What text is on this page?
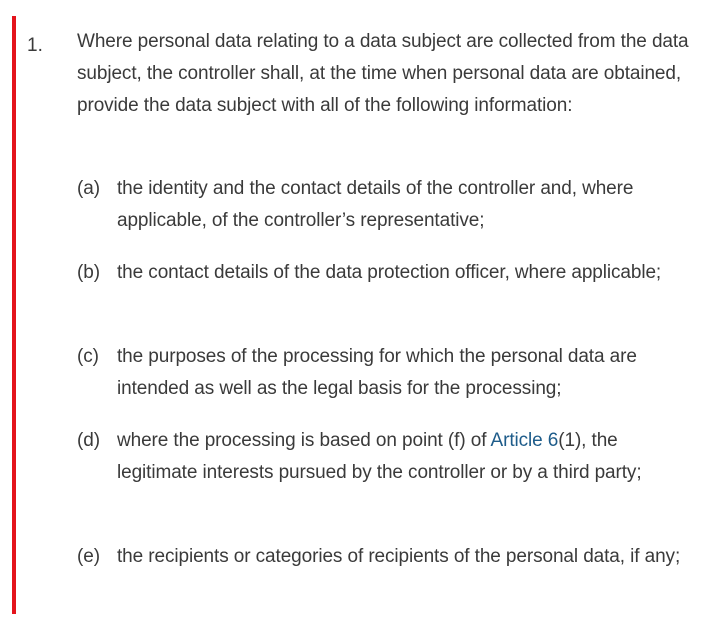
1. Where personal data relating to a data subject are collected from the data subject, the controller shall, at the time when personal data are obtained, provide the data subject with all of the following information:
(a) the identity and the contact details of the controller and, where applicable, of the controller’s representative;
(b) the contact details of the data protection officer, where applicable;
(c) the purposes of the processing for which the personal data are intended as well as the legal basis for the processing;
(d) where the processing is based on point (f) of Article 6(1), the legitimate interests pursued by the controller or by a third party;
(e) the recipients or categories of recipients of the personal data, if any;
